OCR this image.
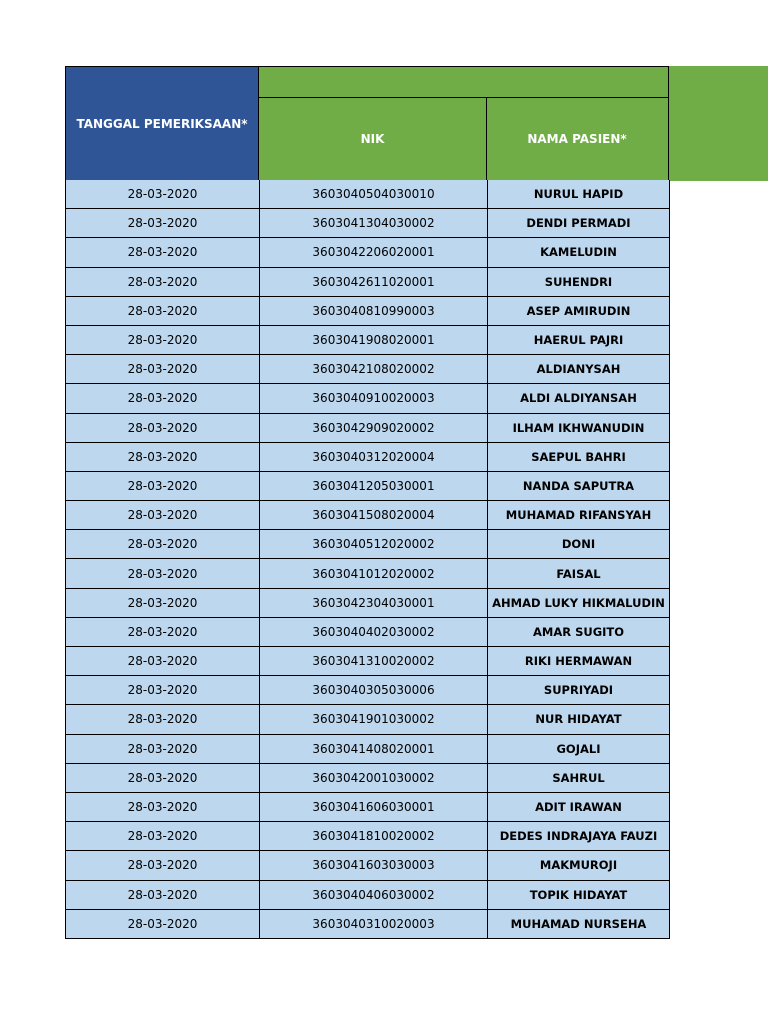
TANGGAL PEMERIKSAAN*
NIK	NAMA PASIEN*
28-03-2020	3603040504030010	NURUL HAPID
28-03-2020	3603041304030002	DENDI PERMADI
28-03-2020	3603042206020001	KAMELUDIN
28-03-2020	3603042611020001	SUHENDRI
28-03-2020	3603040810990003	ASEP AMIRUDIN
28-03-2020	3603041908020001	HAERUL PAJRI
28-03-2020	3603042108020002	ALDIANYSAH
28-03-2020	3603040910020003	ALDI ALDIYANSAH
28-03-2020	3603042909020002	ILHAM IKHWANUDIN
28-03-2020	3603040312020004	SAEPUL BAHRI
28-03-2020	3603041205030001	NANDA SAPUTRA
28-03-2020	3603041508020004	MUHAMAD RIFANSYAH
28-03-2020	3603040512020002	DONI
28-03-2020	3603041012020002	FAISAL
28-03-2020	3603042304030001	AHMAD LUKY HIKMALUDIN
28-03-2020	3603040402030002	AMAR SUGITO
28-03-2020	3603041310020002	RIKI HERMAWAN
28-03-2020	3603040305030006	SUPRIYADI
28-03-2020	3603041901030002	NUR HIDAYAT
28-03-2020	3603041408020001	GOJALI
28-03-2020	3603042001030002	SAHRUL
28-03-2020	3603041606030001	ADIT IRAWAN
28-03-2020	3603041810020002	DEDES INDRAJAYA FAUZI
28-03-2020	3603041603030003	MAKMUROJI
28-03-2020	3603040406030002	TOPIK HIDAYAT
28-03-2020	3603040310020003	MUHAMAD NURSEHA
